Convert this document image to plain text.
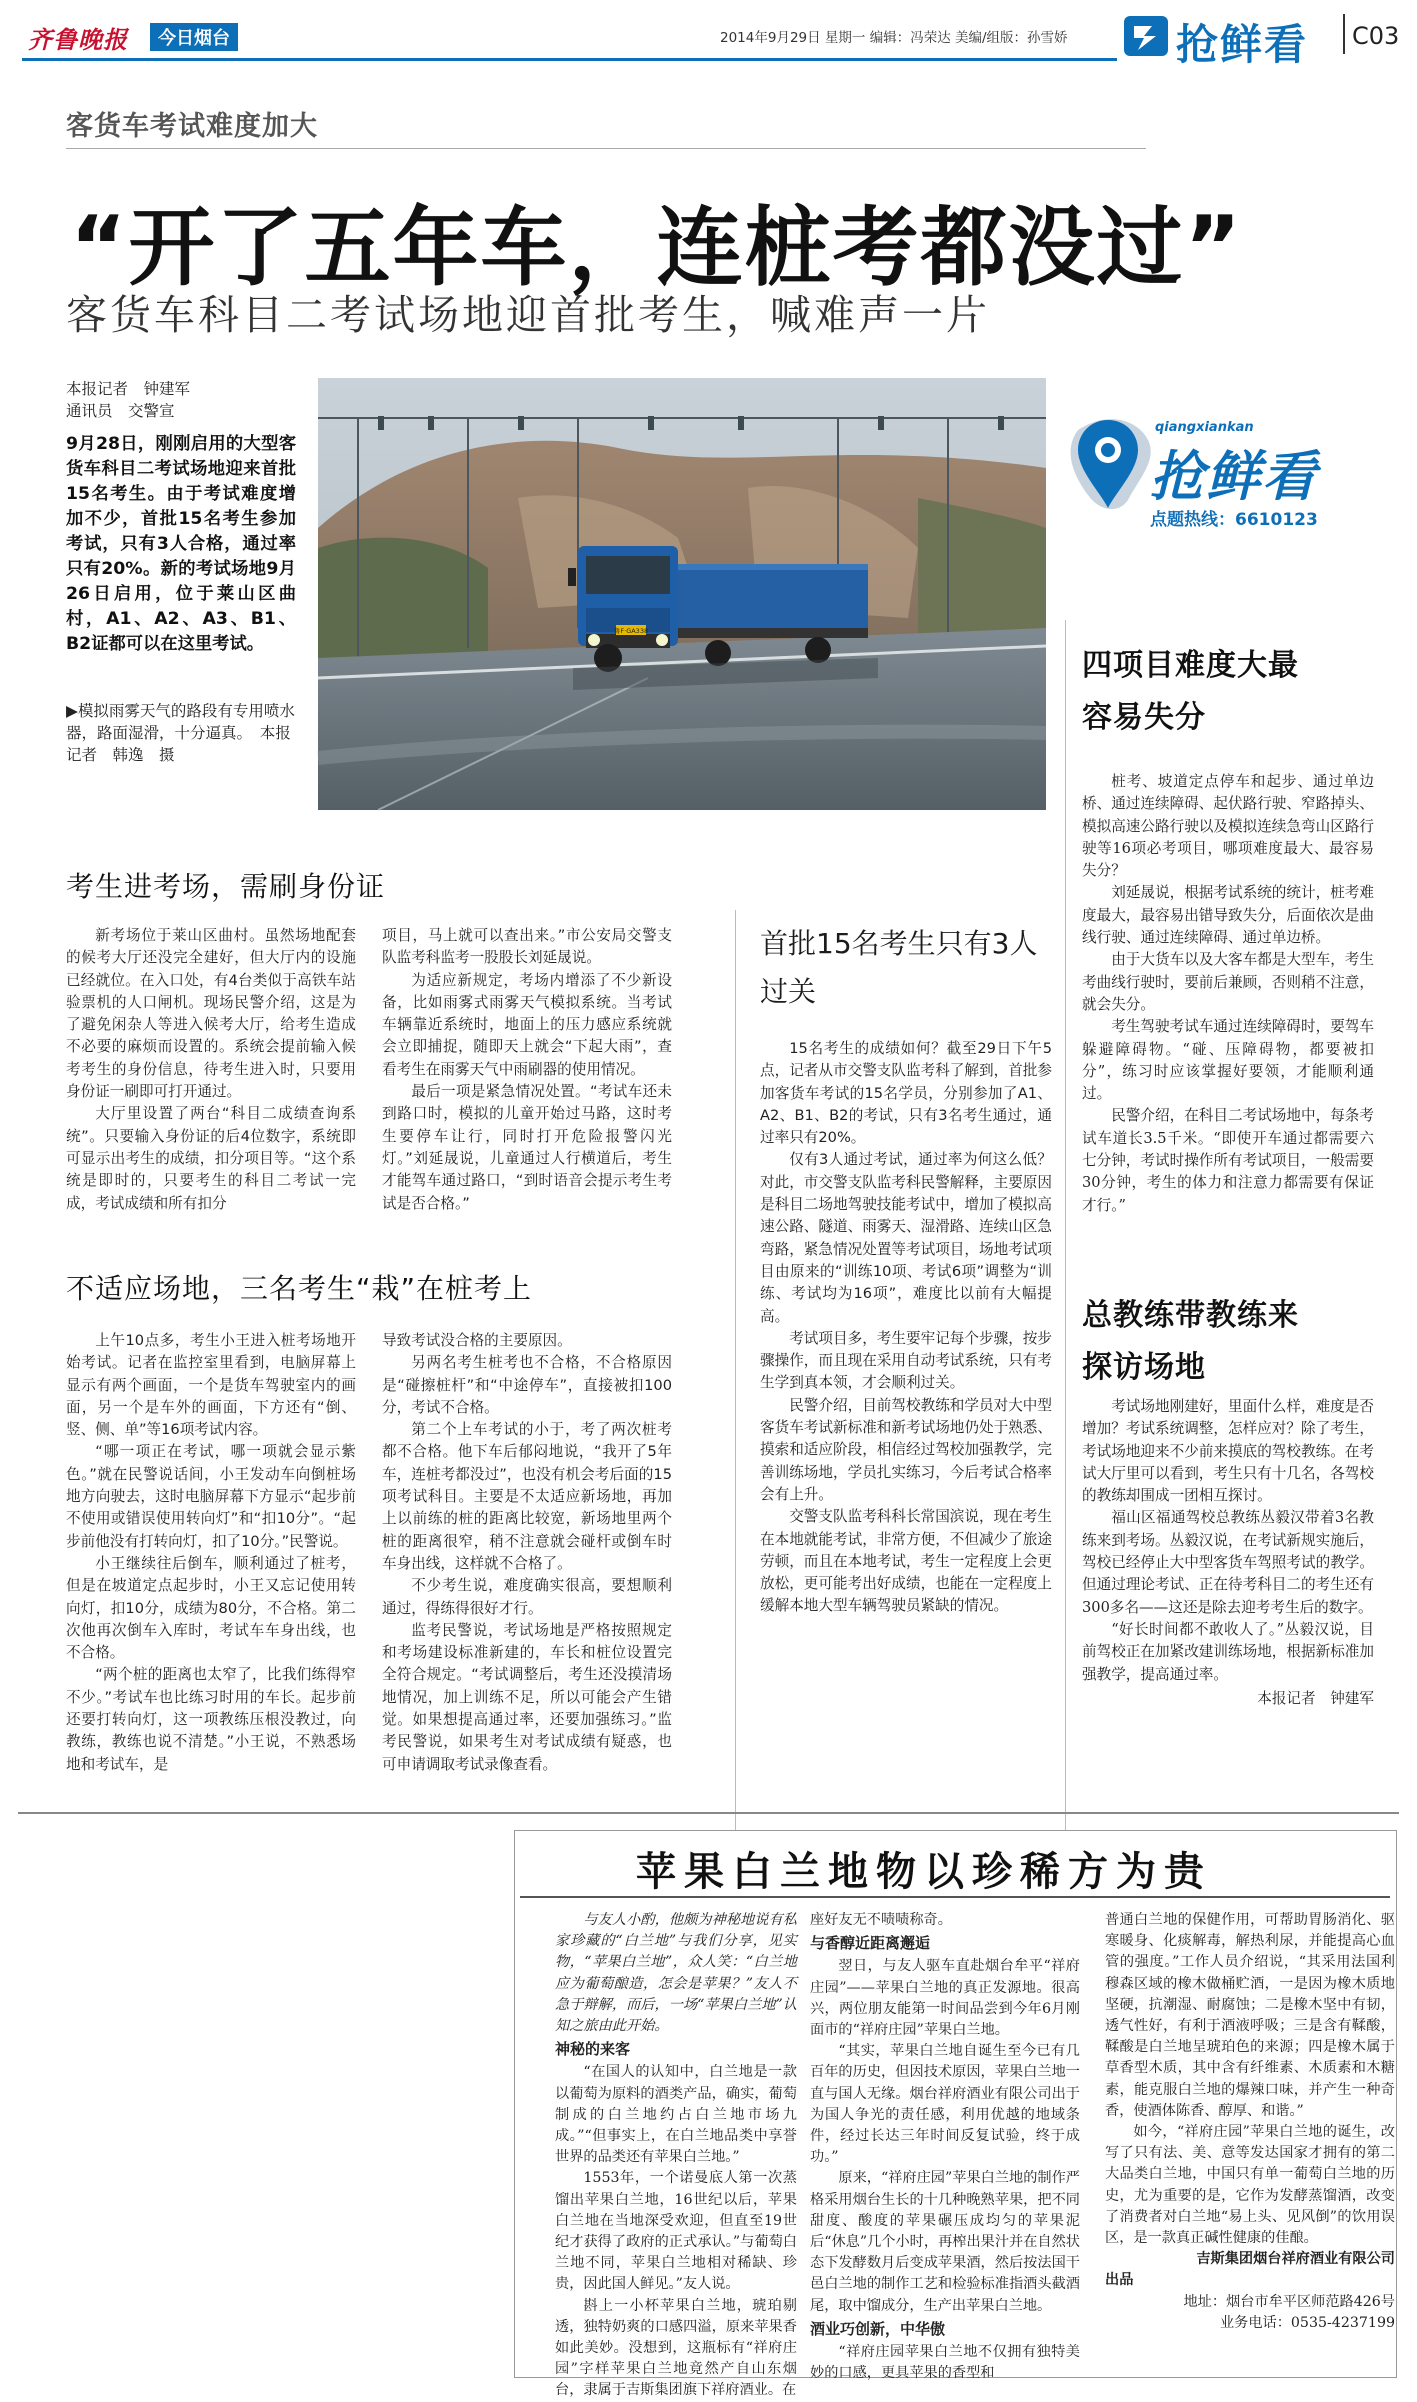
齐鲁晚报	今日烟台	2014年9月29日 星期一 编辑：冯荣达 美编/组版：孙雪娇	抢鲜看 C03
客货车考试难度加大
“开了五年车，连桩考都没过”
客货车科目二考试场地迎首批考生，喊难声一片
本报记者　钟建军
通讯员　交警宣
9月28日，刚刚启用的大型客货车科目二考试场地迎来首批15名考生。由于考试难度增加不少，首批15名考生参加考试，只有3人合格，通过率只有20%。新的考试场地9月26日启用，位于莱山区曲村，A1、A2、A3、B1、B2证都可以在这里考试。
▶模拟雨雾天气的路段有专用喷水器，路面湿滑，十分逼真。　本报记者　韩逸　摄
鲁F·GA338
qiangxiankan
抢鲜看
点题热线：6610123
考生进考场，需刷身份证

新考场位于莱山区曲村。虽然场地配套的候考大厅还没完全建好，但大厅内的设施已经就位。在入口处，有4台类似于高铁车站验票机的人口闸机。现场民警介绍，这是为了避免闲杂人等进入候考大厅，给考生造成不必要的麻烦而设置的。系统会提前输入候考考生的身份信息，待考生进入时，只要用身份证一刷即可打开通过。

大厅里设置了两台“科目二成绩查询系统”。只要输入身份证的后4位数字，系统即可显示出考生的成绩，扣分项目等。“这个系统是即时的，只要考生的科目二考试一完成，考试成绩和所有扣分

项目，马上就可以查出来。”市公安局交警支队监考科监考一股股长刘延晟说。

为适应新规定，考场内增添了不少新设备，比如雨雾式雨雾天气模拟系统。当考试车辆靠近系统时，地面上的压力感应系统就会立即捕捉，随即天上就会“下起大雨”，查看考生在雨雾天气中雨刷器的使用情况。

最后一项是紧急情况处置。“考试车还未到路口时，模拟的儿童开始过马路，这时考生要停车让行，同时打开危险报警闪光灯。”刘延晟说，儿童通过人行横道后，考生才能驾车通过路口，“到时语音会提示考生考试是否合格。”

不适应场地，三名考生“栽”在桩考上

上午10点多，考生小王进入桩考场地开始考试。记者在监控室里看到，电脑屏幕上显示有两个画面，一个是货车驾驶室内的画面，另一个是车外的画面，下方还有“倒、竖、侧、单”等16项考试内容。

“哪一项正在考试，哪一项就会显示紫色。”就在民警说话间，小王发动车向倒桩场地方向驶去，这时电脑屏幕下方显示“起步前不使用或错误使用转向灯”和“扣10分”。“起步前他没有打转向灯，扣了10分。”民警说。

小王继续往后倒车，顺利通过了桩考，但是在坡道定点起步时，小王又忘记使用转向灯，扣10分，成绩为80分，不合格。第二次他再次倒车入库时，考试车车身出线，也不合格。

“两个桩的距离也太窄了，比我们练得窄不少。”考试车也比练习时用的车长。起步前还要打转向灯，这一项教练压根没教过，向教练，教练也说不清楚。”小王说，不熟悉场地和考试车，是

导致考试没合格的主要原因。

另两名考生桩考也不合格，不合格原因是“碰擦桩杆”和“中途停车”，直接被扣100分，考试不合格。

第二个上车考试的小于，考了两次桩考都不合格。他下车后郁闷地说，“我开了5年车，连桩考都没过”，也没有机会考后面的15项考试科目。主要是不太适应新场地，再加上以前练的桩的距离比较宽，新场地里两个桩的距离很窄，稍不注意就会碰杆或倒车时车身出线，这样就不合格了。

不少考生说，难度确实很高，要想顺利通过，得练得很好才行。

监考民警说，考试场地是严格按照规定和考场建设标准新建的，车长和桩位设置完全符合规定。“考试调整后，考生还没摸清场地情况，加上训练不足，所以可能会产生错觉。如果想提高通过率，还要加强练习。”监考民警说，如果考生对考试成绩有疑惑，也可申请调取考试录像查看。

首批15名考生只有3人过关

15名考生的成绩如何？截至29日下午5点，记者从市交警支队监考科了解到，首批参加客货车考试的15名学员，分别参加了A1、A2、B1、B2的考试，只有3名考生通过，通过率只有20%。

仅有3人通过考试，通过率为何这么低？对此，市交警支队监考科民警解释，主要原因是科目二场地驾驶技能考试中，增加了模拟高速公路、隧道、雨雾天、湿滑路、连续山区急弯路，紧急情况处置等考试项目，场地考试项目由原来的“训练10项、考试6项”调整为“训练、考试均为16项”，难度比以前有大幅提高。

考试项目多，考生要牢记每个步骤，按步骤操作，而且现在采用自动考试系统，只有考生学到真本领，才会顺利过关。

民警介绍，目前驾校教练和学员对大中型客货车考试新标准和新考试场地仍处于熟悉、摸索和适应阶段，相信经过驾校加强教学，完善训练场地，学员扎实练习，今后考试合格率会有上升。

交警支队监考科科长常国滨说，现在考生在本地就能考试，非常方便，不但减少了旅途劳顿，而且在本地考试，考生一定程度上会更放松，更可能考出好成绩，也能在一定程度上缓解本地大型车辆驾驶员紧缺的情况。

四项目难度大最容易失分

桩考、坡道定点停车和起步、通过单边桥、通过连续障碍、起伏路行驶、窄路掉头、模拟高速公路行驶以及模拟连续急弯山区路行驶等16项必考项目，哪项难度最大、最容易失分？

刘延晟说，根据考试系统的统计，桩考难度最大，最容易出错导致失分，后面依次是曲线行驶、通过连续障碍、通过单边桥。

由于大货车以及大客车都是大型车，考生考曲线行驶时，要前后兼顾，否则稍不注意，就会失分。

考生驾驶考试车通过连续障碍时，要驾车躲避障碍物。“碰、压障碍物，都要被扣分”，练习时应该掌握好要领，才能顺利通过。

民警介绍，在科目二考试场地中，每条考试车道长3.5千米。“即使开车通过都需要六七分钟，考试时操作所有考试项目，一般需要30分钟，考生的体力和注意力都需要有保证才行。”

总教练带教练来探访场地

考试场地刚建好，里面什么样，难度是否增加？考试系统调整，怎样应对？除了考生，考试场地迎来不少前来摸底的驾校教练。在考试大厅里可以看到，考生只有十几名，各驾校的教练却围成一团相互探讨。

福山区福通驾校总教练丛毅汉带着3名教练来到考场。丛毅汉说，在考试新规实施后，驾校已经停止大中型客货车驾照考试的教学。但通过理论考试、正在待考科目二的考生还有300多名——这还是除去迎考考生后的数字。

“好长时间都不敢收人了。”丛毅汉说，目前驾校正在加紧改建训练场地，根据新标准加强教学，提高通过率。

本报记者　钟建军
苹果白兰地物以珍稀方为贵

与友人小酌，他颇为神秘地说有私家珍藏的“白兰地”与我们分享，见实物，“苹果白兰地”，众人笑：“白兰地应为葡萄酿造，怎会是苹果？”友人不急于辩解，而后，一场“苹果白兰地”认知之旅由此开始。

神秘的来客

“在国人的认知中，白兰地是一款以葡萄为原料的酒类产品，确实，葡萄制成的白兰地约占白兰地市场九成。”“但事实上，在白兰地品类中享誉世界的品类还有苹果白兰地。”

1553年，一个诺曼底人第一次蒸馏出苹果白兰地，16世纪以后，苹果白兰地在当地深受欢迎，但直至19世纪才获得了政府的正式承认。”与葡萄白兰地不同，苹果白兰地相对稀缺、珍贵，因此国人鲜见。”友人说。

斟上一小杯苹果白兰地，琥珀剔透，独特奶爽的口感四溢，原来苹果香如此美妙。没想到，这瓶标有“祥府庄园”字样苹果白兰地竟然产自山东烟台，隶属于吉斯集团旗下祥府酒业。在

座好友无不啧啧称奇。

与香醇近距离邂逅

翌日，与友人驱车直赴烟台牟平“祥府庄园”——苹果白兰地的真正发源地。很高兴，两位朋友能第一时间品尝到今年6月刚面市的“祥府庄园”苹果白兰地。

“其实，苹果白兰地自诞生至今已有几百年的历史，但因技术原因，苹果白兰地一直与国人无缘。烟台祥府酒业有限公司出于为国人争光的责任感，利用优越的地域条件，经过长达三年时间反复试验，终于成功。”

原来，“祥府庄园”苹果白兰地的制作严格采用烟台生长的十几种晚熟苹果，把不同甜度、酸度的苹果碾压成均匀的苹果泥后“休息”几个小时，再榨出果汁并在自然状态下发酵数月后变成苹果酒，然后按法国干邑白兰地的制作工艺和检验标准指酒头截酒尾，取中馏成分，生产出苹果白兰地。

酒业巧创新，中华傲

“祥府庄园苹果白兰地不仅拥有独特美妙的口感，更具苹果的香型和

普通白兰地的保健作用，可帮助胃肠消化、驱寒暖身、化痰解毒，解热利尿，并能提高心血管的强度。”工作人员介绍说，“其采用法国利穆森区域的橡木做桶贮酒，一是因为橡木质地坚硬，抗潮湿、耐腐蚀；二是橡木坚中有韧，透气性好，有利于酒液呼吸；三是含有鞣酸，鞣酸是白兰地呈琥珀色的来源；四是橡木属于草香型木质，其中含有纤维素、木质素和木糖素，能克服白兰地的爆辣口味，并产生一种奇香，使酒体陈香、醇厚、和谐。”

如今，“祥府庄园”苹果白兰地的诞生，改写了只有法、美、意等发达国家才拥有的第二大品类白兰地，中国只有单一葡萄白兰地的历史，尤为重要的是，它作为发酵蒸馏酒，改变了消费者对白兰地“易上头、见风倒”的饮用误区，是一款真正碱性健康的佳酿。

吉斯集团烟台祥府酒业有限公司

出品

地址：烟台市牟平区师范路426号

业务电话：0535-4237199
